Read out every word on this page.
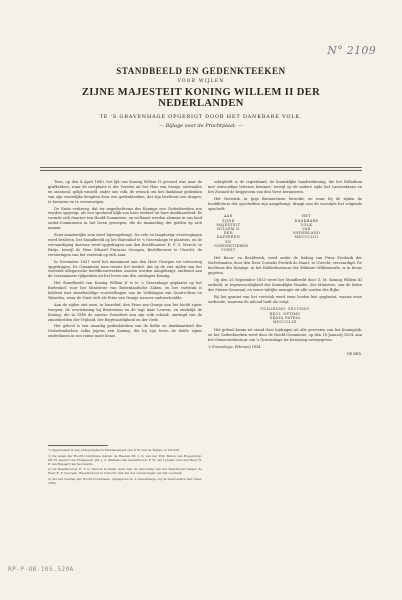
N° 2109

STANDBEELD EN GEDENKTEEKEN

VOOR WIJLEN

ZIJNE MAJESTEIT KONING WILLEM II DER NEDERLANDEN

TE 'S GRAVENHAGE OPGERIGT DOOR HET DANKBARE VOLK.

— Bijlage voor de Prachtplaat. —

Toen, op den 4 April 1849, het lijk van Koning Willem II gevoerd was naar de grafkelders, waar de rustplaats is der Vorsten uit het Huis van Oranje, ontwaakte en ontstond, gelijk vanzelf, onder ons volk, de wensch om het dankbaar gedenken van zijn vorstelijke deugden door een gedenkteeken, dat zijn beeltenis zou dragen, te bewaren en te vereeuwigen.

De Natie verkreeg, dat ter nagedachtenis des Konings een Gedenkteeken zou worden opgerigt, als een sprekend blijk van hare eerbied en hare dankbaarheid. Er vormde zich daartoe een Hoofd-Commissie, en welhaast werden alomme in ons land onder-Commissien in het leven geroepen, die de inzameling der gelden op zich namen.

Eene aanzienlijke som werd bijeengebragt. Na vele en langdurige overwegingen werd besloten, het Standbeeld op het Buitenhof te 's Gravenhage te plaatsen, en de vervaardiging daarvan werd opgedragen aan den Beeldhouwer E. F. G. Mercié, te Parijs, terwijl de Heer Eduard Francois Georgen, Beeldhouwer te Utrecht, de versieringen van het voetstuk op zich nam.

In November 1851 werd het monument aan den Heer Georgen ter uitvoering opgedragen. De Commissie nam tevens het besluit, dat op de vier zijden van het voetstuk allegorische beeldhouwwerken zouden worden aangebragt, ontleend aan de voornaamste tijdperken uit het leven van den ontslapen Koning.

Het Standbeeld van Koning Willem II is te 's Gravenhage geplaatst op het Buitenhof, voor het Ministerie van Buitenlandsche Zaken, en het voetstuk is bekleed met zinnebeeldige voorstellingen van de Veldslagen van Quatre-Bras en Waterloo, waar de Vorst zich als Prins van Oranje zoozeer onderscheidde.

Aan de zijden ziet men, in basrelief, den Prins van Oranje aan het hoofd zijner troepen; de overwinning bij Boutersem en de togt naar Leuven; en eindelijk de Koning, die in 1848 de nieuwe Grondwet aan zijn volk schonk, omringd van de zinnebeelden der Vrijheid, der Regtvaardigheid en der Orde.

Het geheel is een waardig gedenkteeken van de liefde en dankbaarheid des Nederlandschen volks jegens een Koning, die bij zijn leven de liefde zijner onderdanen in zoo ruime mate bezat.

schrijfstift is de regterhand, de Koninklijke handteekening, die het Palladium met eenvoudige letteren bewaart; terwijl op de andere zijde het Lauwerkrans en het Zwaard de krijgsroem van den Vorst herinneren.

Het Voetstuk, in grijs Bremersteen bewerkt, en waar bij de zijden de hoofdletters der opschriften zijn aangebragt, draagt aan de voorzijde het volgende opschrift:

AAN
ZIJNE MAJESTEIT
WILLEM II
DEN
DAPPEREN
EN
GOEDERTIEREN VORST
HET
DANKBARE
VOLK
VAN
NEDERLAND
MDCCCLIII

Het Bouw- en Beeldwerk, werd onder de leiding van Prins Frederik der Nederlanden, door den Heer Cornelis Fredrik de Haart, te Utrecht, vervaardigd. De beeltenis des Konings, in het Ridderkostuum der Militaire Willemsorde, is in brons gegoten.

Op den 26 September 1853 werd het Standbeeld door Z. M. Koning Willem III onthuld, in tegenwoordigheid der Koninklijke Familie, der Ministers, van de leden der Staten-Generaal, en eener talrijke menigte uit alle oorden des Rijks.

Bij het graniet van het voetstuk werd eene looden kist geplaatst, waarin eene oorkonde, waarvan de inhoud luidt als volgt:

GUILIELMO. SECUNDO
REGI. OPTIMO
GRATA PATRIA
MDCCCLIII

Het geheel kwam tot stand door bijdragen uit alle gewesten van het Koningrijk, en het Gedenkteeken werd door de Hoofd-Commissie, op den 18 Januarij 1854, aan het Gemeentebestuur van 's Gravenhage ter bewaring overgegeven.

's Gravenhage, Februarij 1854.
DE RED.

*) Opgenomen in het Lithographisch Etablissement van P. W. van de Weijer, te Utrecht.

1) De leden der Hoofd-Commissie waren: de Heeren Mr. J. G. van der Poll; Baron van Hogendorp; Mr. W. Gevers van Endegeest; Jhr. J. C. Martens van Sevenhoven; F. W. van Lynden; met den Heer H. P. van Rappard als Secretaris.

2) De Beeldhouwer E. F. G. Mercié te Parijs werd met de uitvoering van het Standbeeld belast; de Heer E. F. Georgen, Beeldhouwer te Utrecht, met die der versieringen van het voetstuk.

3) Zie het Verslag der Hoofd-Commissie, uitgegeven te 's Gravenhage, bij de Gebroeders Van Cleef, 1854.

RP-P-OB-105.529A
